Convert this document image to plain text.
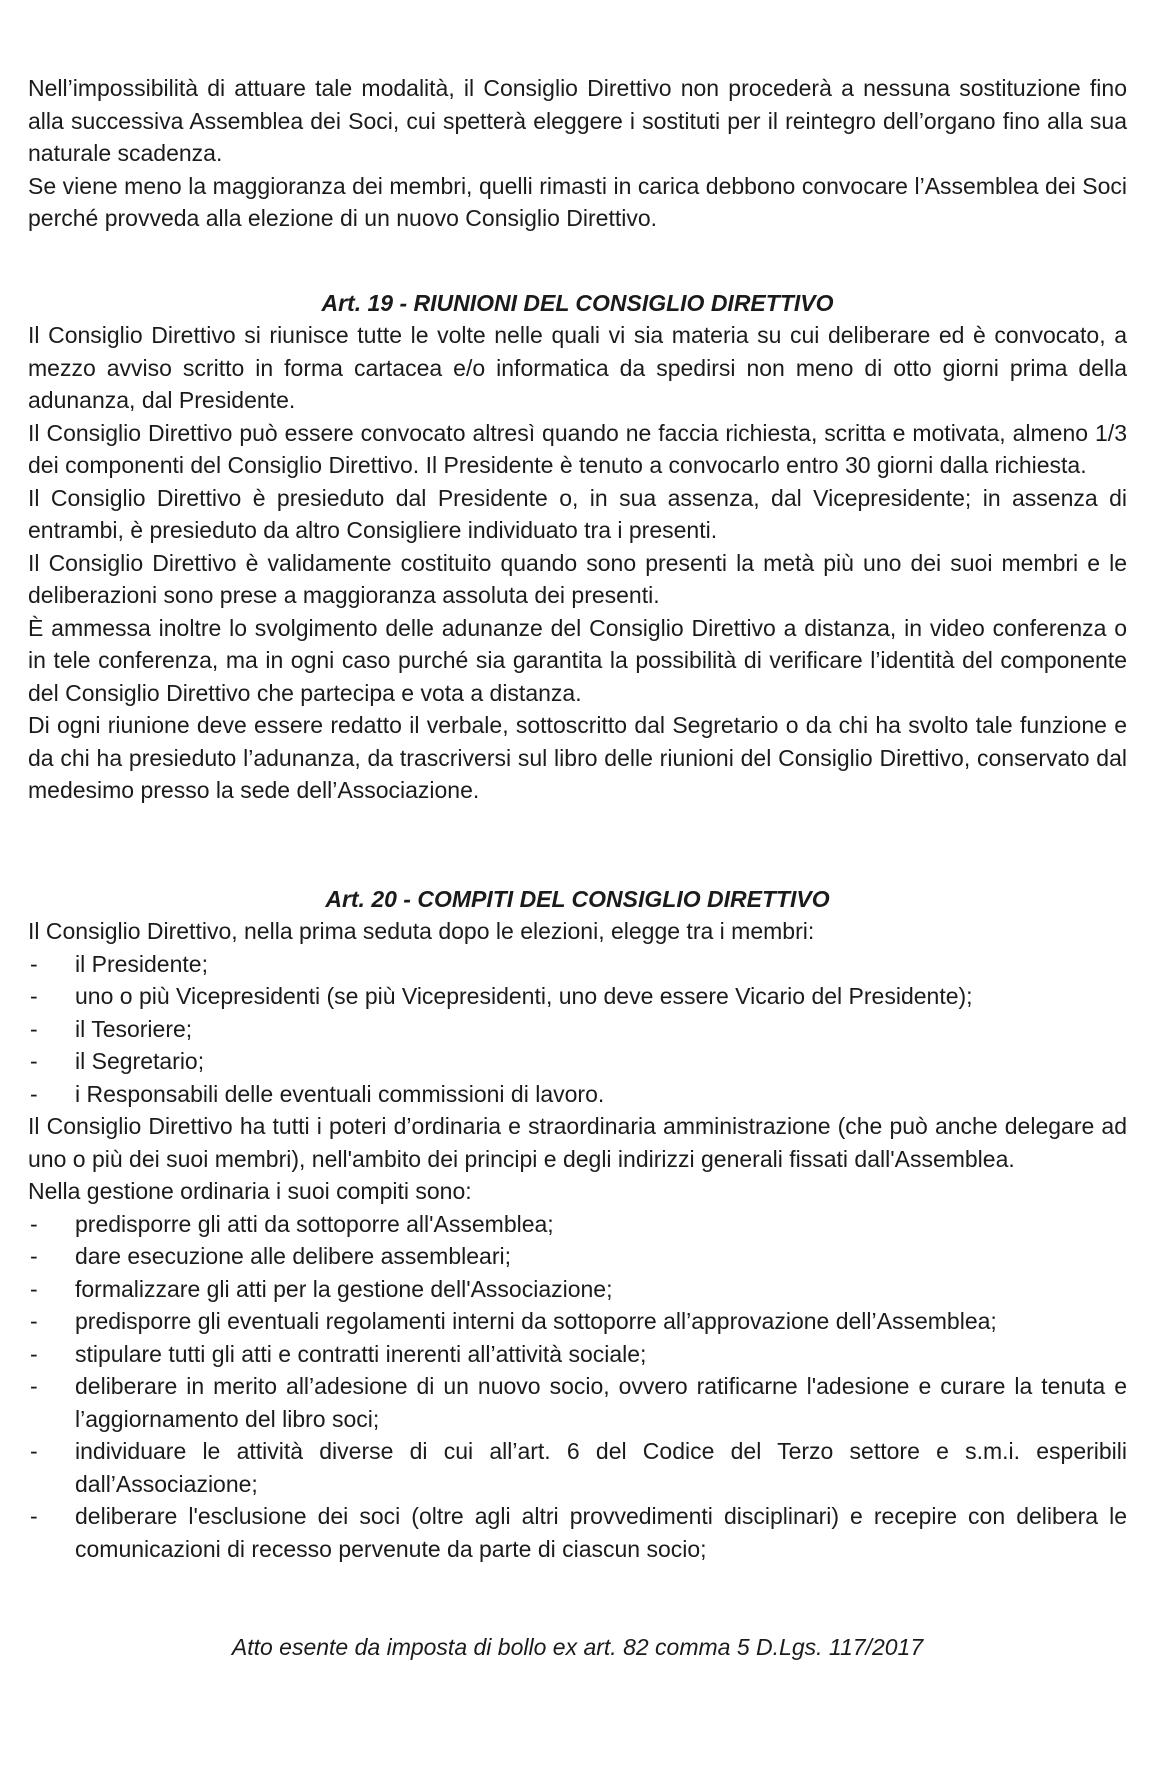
Nell’impossibilità di attuare tale modalità, il Consiglio Direttivo non procederà a nessuna sostituzione fino alla successiva Assemblea dei Soci, cui spetterà eleggere i sostituti per il reintegro dell’organo fino alla sua naturale scadenza.

Se viene meno la maggioranza dei membri, quelli rimasti in carica debbono convocare l’Assemblea dei Soci perché provveda alla elezione di un nuovo Consiglio Direttivo.

Art. 19 - RIUNIONI DEL CONSIGLIO DIRETTIVO

Il Consiglio Direttivo si riunisce tutte le volte nelle quali vi sia materia su cui deliberare ed è convocato, a mezzo avviso scritto in forma cartacea e/o informatica da spedirsi non meno di otto giorni prima della adunanza, dal Presidente.

Il Consiglio Direttivo può essere convocato altresì quando ne faccia richiesta, scritta e motivata, almeno 1/3 dei componenti del Consiglio Direttivo. Il Presidente è tenuto a convocarlo entro 30 giorni dalla richiesta.

Il Consiglio Direttivo è presieduto dal Presidente o, in sua assenza, dal Vicepresidente; in assenza di entrambi, è presieduto da altro Consigliere individuato tra i presenti.

Il Consiglio Direttivo è validamente costituito quando sono presenti la metà più uno dei suoi membri e le deliberazioni sono prese a maggioranza assoluta dei presenti.

È ammessa inoltre lo svolgimento delle adunanze del Consiglio Direttivo a distanza, in video conferenza o in tele conferenza, ma in ogni caso purché sia garantita la possibilità di verificare l’identità del componente del Consiglio Direttivo che partecipa e vota a distanza.

Di ogni riunione deve essere redatto il verbale, sottoscritto dal Segretario o da chi ha svolto tale funzione e da chi ha presieduto l’adunanza, da trascriversi sul libro delle riunioni del Consiglio Direttivo, conservato dal medesimo presso la sede dell’Associazione.

Art. 20 - COMPITI DEL CONSIGLIO DIRETTIVO

Il Consiglio Direttivo, nella prima seduta dopo le elezioni, elegge tra i membri:

- il Presidente;
- uno o più Vicepresidenti (se più Vicepresidenti, uno deve essere Vicario del Presidente);
- il Tesoriere;
- il Segretario;
- i Responsabili delle eventuali commissioni di lavoro.

Il Consiglio Direttivo ha tutti i poteri d’ordinaria e straordinaria amministrazione (che può anche delegare ad uno o più dei suoi membri), nell'ambito dei principi e degli indirizzi generali fissati dall'Assemblea.

Nella gestione ordinaria i suoi compiti sono:

- predisporre gli atti da sottoporre all'Assemblea;
- dare esecuzione alle delibere assembleari;
- formalizzare gli atti per la gestione dell'Associazione;
- predisporre gli eventuali regolamenti interni da sottoporre all’approvazione dell’Assemblea;
- stipulare tutti gli atti e contratti inerenti all’attività sociale;
- deliberare in merito all’adesione di un nuovo socio, ovvero ratificarne l'adesione e curare la tenuta e l’aggiornamento del libro soci;
- individuare le attività diverse di cui all’art. 6 del Codice del Terzo settore e s.m.i. esperibili dall’Associazione;
- deliberare l'esclusione dei soci (oltre agli altri provvedimenti disciplinari) e recepire con delibera le comunicazioni di recesso pervenute da parte di ciascun socio;

Atto esente da imposta di bollo ex art. 82 comma 5 D.Lgs. 117/2017
